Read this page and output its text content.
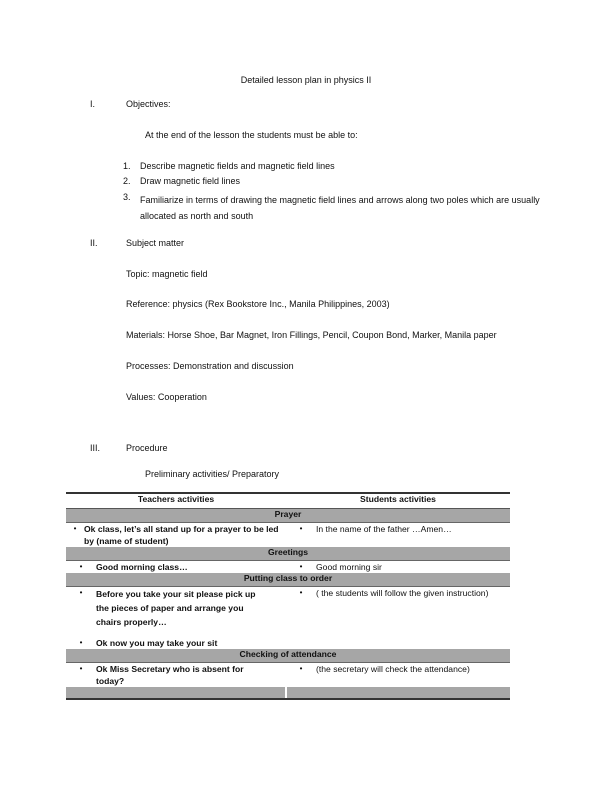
Detailed lesson plan in physics II
I.	Objectives:
At the end of the lesson the students must be able to:
1. Describe magnetic fields and magnetic field lines
2. Draw magnetic field lines
3. Familiarize in terms of drawing the magnetic field lines and arrows along two poles which are usually allocated as north and south
II.	Subject matter
Topic: magnetic field
Reference: physics (Rex Bookstore Inc., Manila Philippines, 2003)
Materials: Horse Shoe, Bar Magnet, Iron Fillings, Pencil, Coupon Bond, Marker, Manila paper
Processes: Demonstration and discussion
Values: Cooperation
III.	Procedure
Preliminary activities/ Preparatory
Teachers activities	Students activities
Prayer	

• Ok class, let’s all stand up for a prayer to be led by (name of student)	• In the name of the father …Amen…

Greetings	

• Good morning class…	• Good morning sir

Putting class to order	

• Before you take your sit please pick up the pieces of paper and arrange you chairs properly…	• ( the students will follow the given instruction)

• Ok now you may take your sit	

Checking of attendance	

• Ok Miss Secretary who is absent for today?	• (the secretary will check the attendance)
